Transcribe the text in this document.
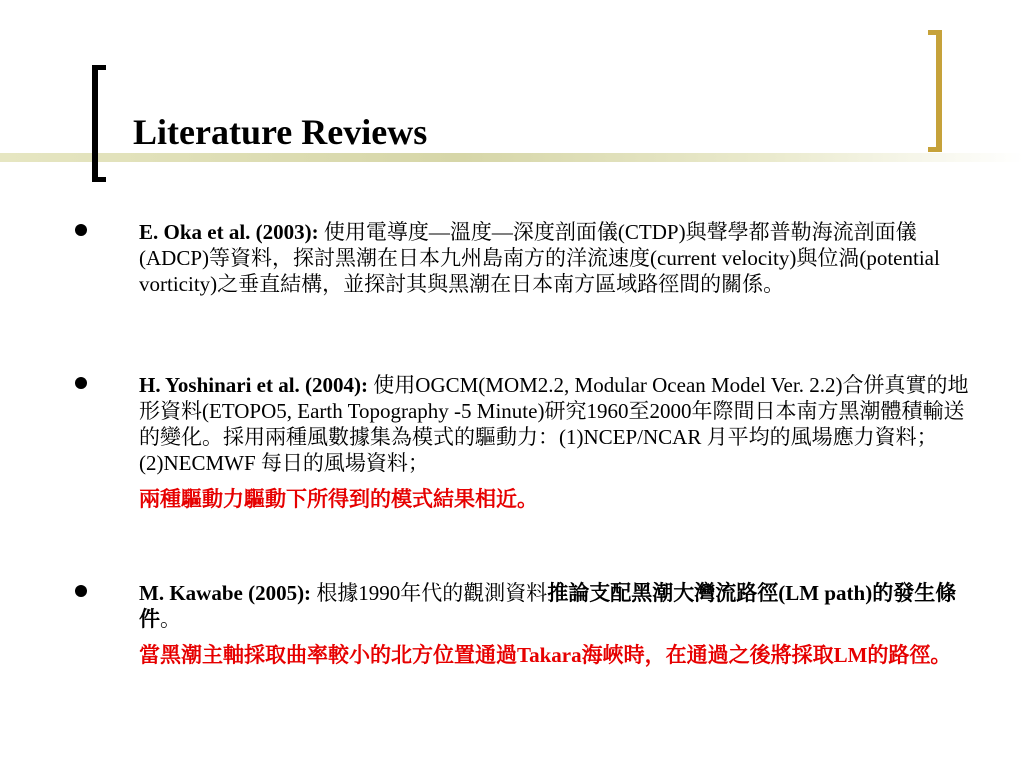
Literature Reviews
E. Oka et al. (2003): 使用電導度—溫度—深度剖面儀(CTDP)與聲學都普勒海流剖面儀(ADCP)等資料，探討黑潮在日本九州島南方的洋流速度(current velocity)與位渦(potential vorticity)之垂直結構，並探討其與黑潮在日本南方區域路徑間的關係。
H. Yoshinari et al. (2004): 使用OGCM(MOM2.2, Modular Ocean Model Ver. 2.2)合併真實的地形資料(ETOPO5, Earth Topography -5 Minute)研究1960至2000年際間日本南方黑潮體積輸送的變化。採用兩種風數據集為模式的驅動力：(1)NCEP/NCAR 月平均的風場應力資料；(2)NECMWF 每日的風場資料；
兩種驅動力驅動下所得到的模式結果相近。
M. Kawabe (2005): 根據1990年代的觀測資料推論支配黑潮大灣流路徑(LM path)的發生條件。
當黑潮主軸採取曲率較小的北方位置通過Takara海峽時，在通過之後將採取LM的路徑。
